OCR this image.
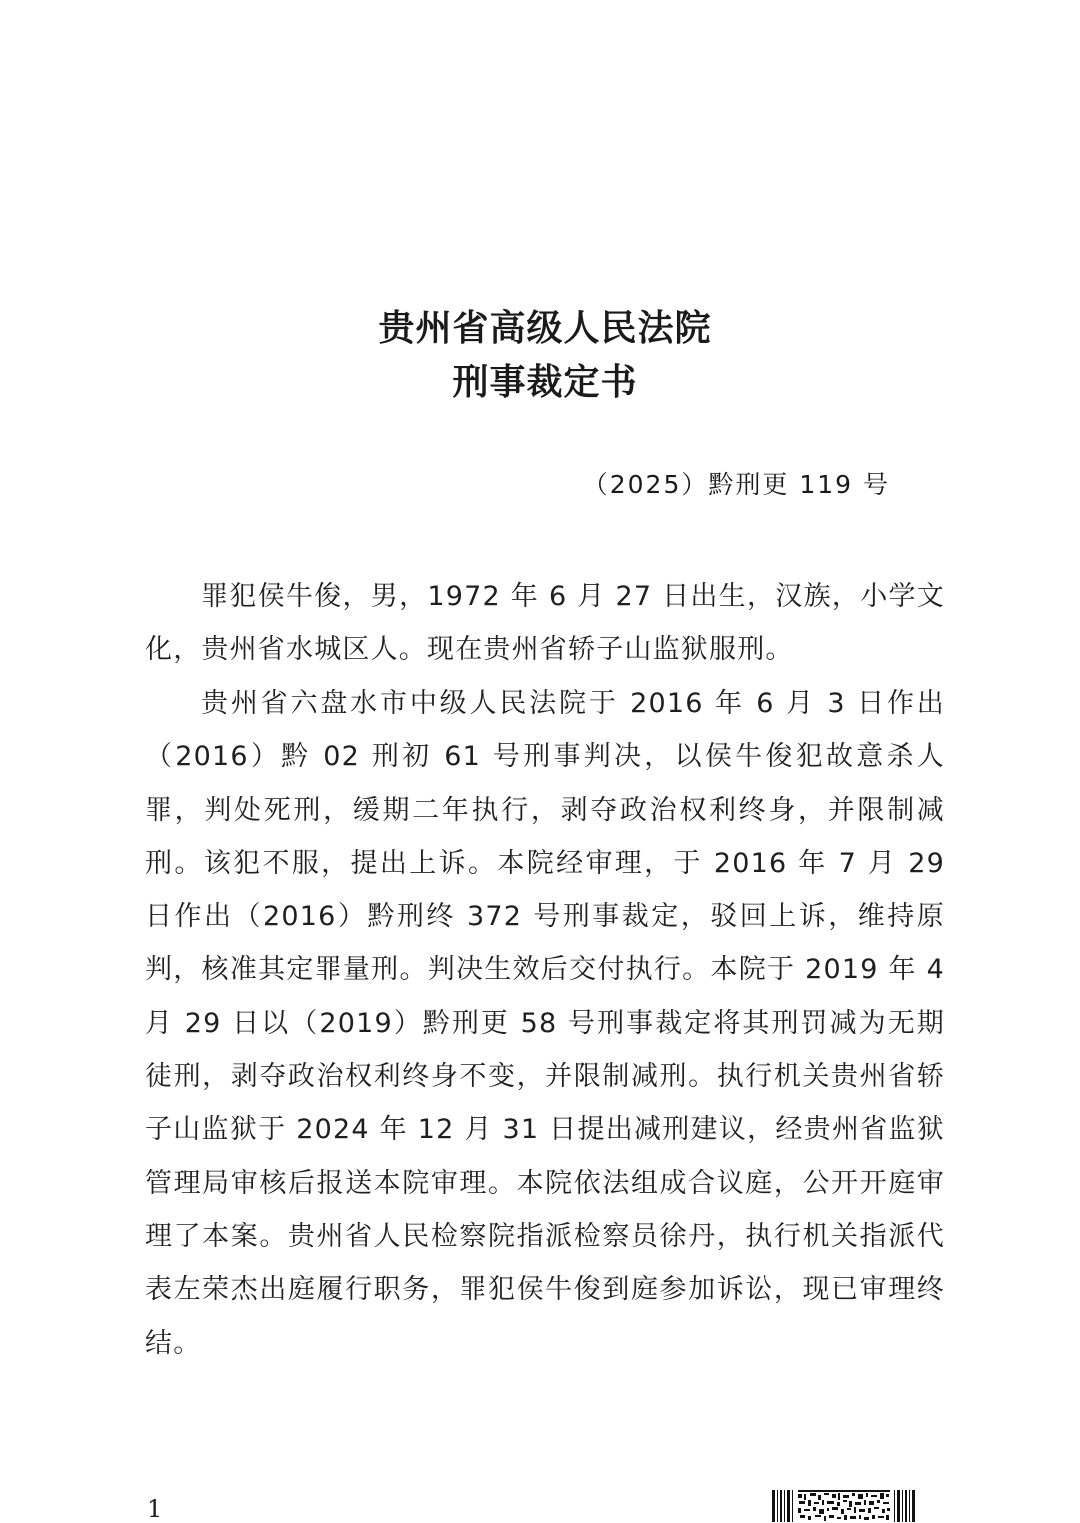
贵州省高级人民法院
刑事裁定书
（2025）黔刑更 119 号

罪犯侯牛俊，男，1972 年 6 月 27 日出生，汉族，小学文化，贵州省水城区人。现在贵州省轿子山监狱服刑。

贵州省六盘水市中级人民法院于 2016 年 6 月 3 日作出（2016）黔 02 刑初 61 号刑事判决，以侯牛俊犯故意杀人罪，判处死刑，缓期二年执行，剥夺政治权利终身，并限制减刑。该犯不服，提出上诉。本院经审理，于 2016 年 7 月 29 日作出（2016）黔刑终 372 号刑事裁定，驳回上诉，维持原判，核准其定罪量刑。判决生效后交付执行。本院于 2019 年 4 月 29 日以（2019）黔刑更 58 号刑事裁定将其刑罚减为无期徒刑，剥夺政治权利终身不变，并限制减刑。执行机关贵州省轿子山监狱于 2024 年 12 月 31 日提出减刑建议，经贵州省监狱管理局审核后报送本院审理。本院依法组成合议庭，公开开庭审理了本案。贵州省人民检察院指派检察员徐丹，执行机关指派代表左荣杰出庭履行职务，罪犯侯牛俊到庭参加诉讼，现已审理终结。

1
